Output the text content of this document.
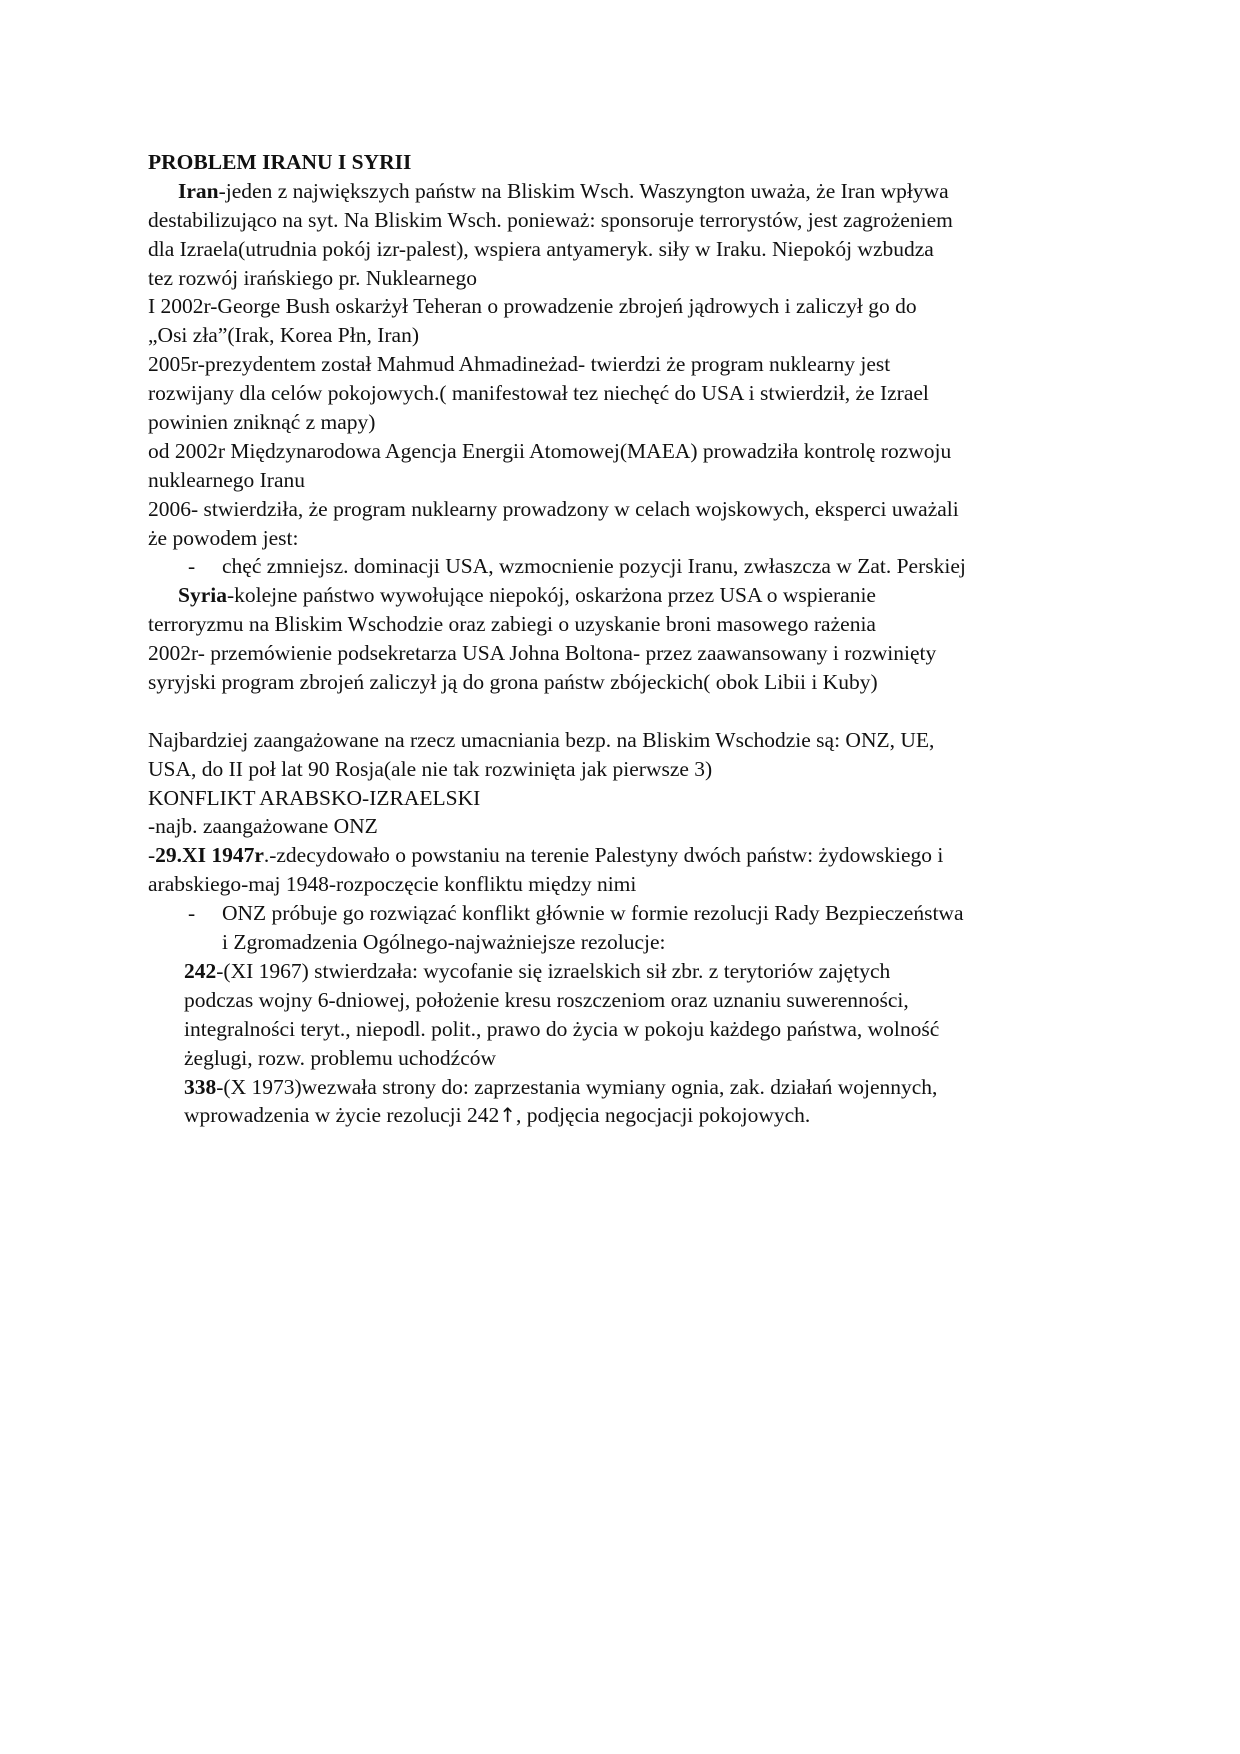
PROBLEM IRANU I SYRII
Iran-jeden z największych państw na Bliskim Wsch. Waszyngton uważa, że Iran wpływa
destabilizująco na syt. Na Bliskim Wsch. ponieważ: sponsoruje terrorystów, jest zagrożeniem
dla Izraela(utrudnia pokój izr-palest), wspiera antyameryk. siły w Iraku. Niepokój wzbudza
tez rozwój irańskiego pr. Nuklearnego
I 2002r-George Bush oskarżył Teheran o prowadzenie zbrojeń jądrowych i zaliczył go do
„Osi zła”(Irak, Korea Płn, Iran)
2005r-prezydentem został Mahmud Ahmadineżad- twierdzi że program nuklearny jest
rozwijany dla celów pokojowych.( manifestował tez niechęć do USA i stwierdził, że Izrael
powinien zniknąć z mapy)
od 2002r Międzynarodowa Agencja Energii Atomowej(MAEA) prowadziła kontrolę rozwoju
nuklearnego Iranu
2006- stwierdziła, że program nuklearny prowadzony w celach wojskowych, eksperci uważali
że powodem jest:
- chęć zmniejsz. dominacji USA, wzmocnienie pozycji Iranu, zwłaszcza w Zat. Perskiej
Syria-kolejne państwo wywołujące niepokój, oskarżona przez USA o wspieranie
terroryzmu na Bliskim Wschodzie oraz zabiegi o uzyskanie broni masowego rażenia
2002r- przemówienie podsekretarza USA Johna Boltona- przez zaawansowany i rozwinięty
syryjski program zbrojeń zaliczył ją do grona państw zbójeckich( obok Libii i Kuby)
Najbardziej zaangażowane na rzecz umacniania bezp. na Bliskim Wschodzie są: ONZ, UE,
USA, do II poł lat 90 Rosja(ale nie tak rozwinięta jak pierwsze 3)
KONFLIKT ARABSKO-IZRAELSKI
-najb. zaangażowane ONZ
-29.XI 1947r.-zdecydowało o powstaniu na terenie Palestyny dwóch państw: żydowskiego i
arabskiego-maj 1948-rozpoczęcie konfliktu między nimi
- ONZ próbuje go rozwiązać konflikt głównie w formie rezolucji Rady Bezpieczeństwa
i Zgromadzenia Ogólnego-najważniejsze rezolucje:
242-(XI 1967) stwierdzała: wycofanie się izraelskich sił zbr. z terytoriów zajętych
podczas wojny 6-dniowej, położenie kresu roszczeniom oraz uznaniu suwerenności,
integralności teryt., niepodl. polit., prawo do życia w pokoju każdego państwa, wolność
żeglugi, rozw. problemu uchodźców
338-(X 1973)wezwała strony do: zaprzestania wymiany ognia, zak. działań wojennych,
wprowadzenia w życie rezolucji 242↑, podjęcia negocjacji pokojowych.
